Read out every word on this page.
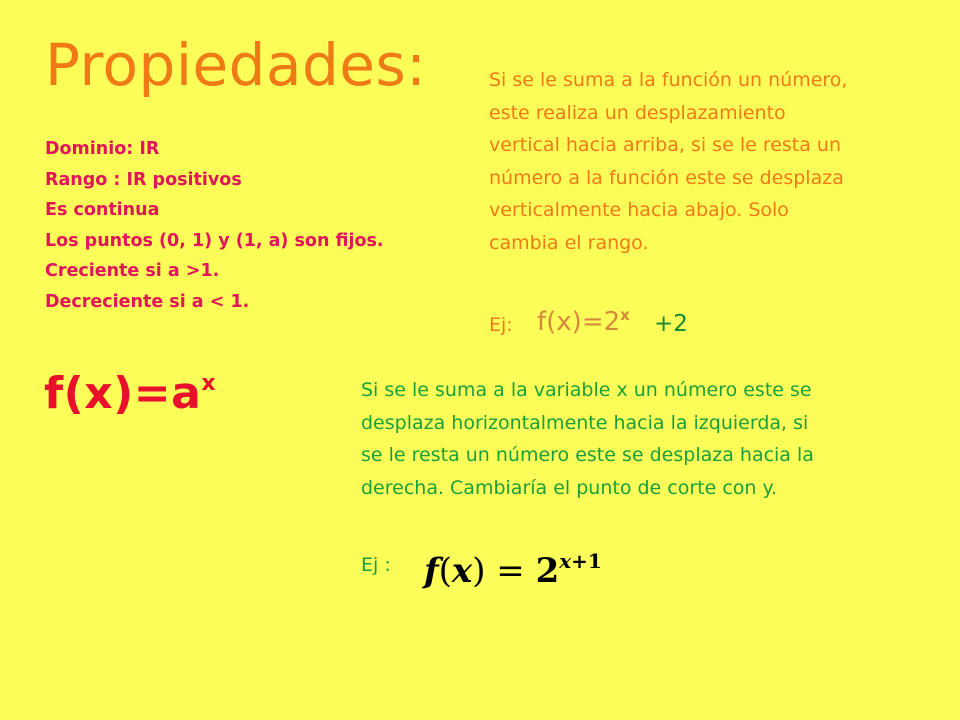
Propiedades:
Dominio: IR
Rango : IR positivos
Es continua
Los puntos (0, 1) y (1, a) son fijos.
Creciente si a >1.
Decreciente si a < 1.
Si se le suma a la función un número, este realiza un desplazamiento vertical hacia arriba, si se le resta un número a la función este se desplaza verticalmente hacia abajo. Solo cambia el rango.
Ej: $f(x)=2^x +2$
$f(x)=a^x$	Si se le suma a la variable x un número este se desplaza horizontalmente hacia la izquierda, si se le resta un número este se desplaza hacia la derecha. Cambiaría el punto de corte con y.
Ej : $f(x) = 2^{x+1}$
